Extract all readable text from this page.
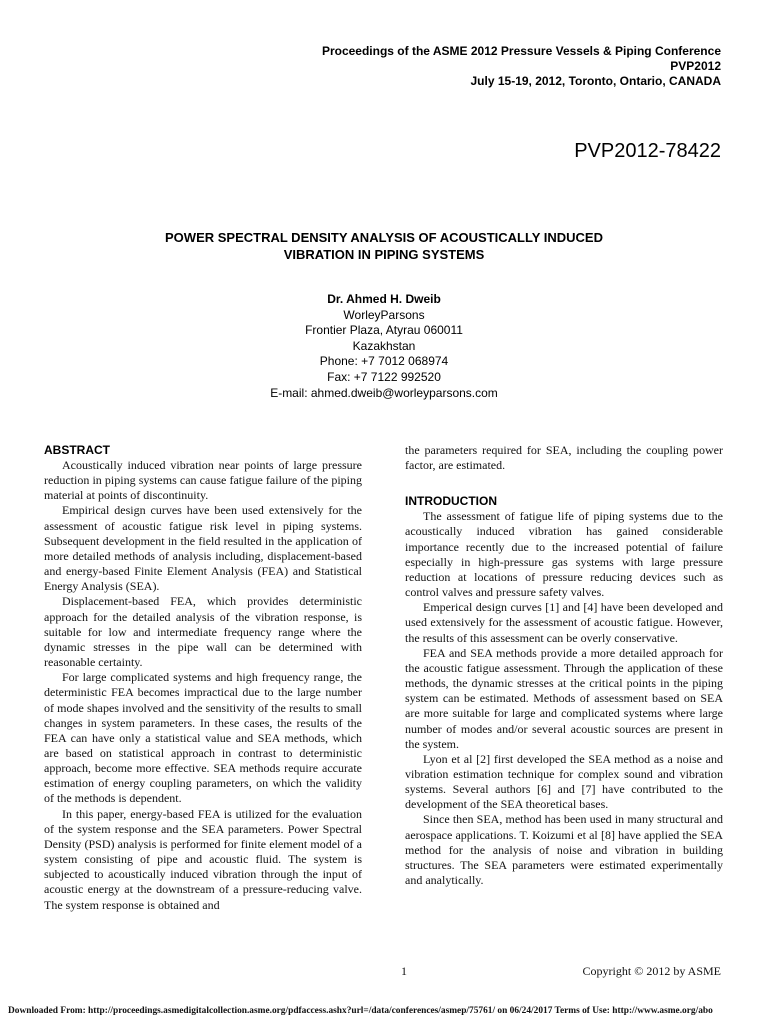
Proceedings of the ASME 2012 Pressure Vessels & Piping Conference
PVP2012
July 15-19, 2012, Toronto, Ontario, CANADA
PVP2012-78422
POWER SPECTRAL DENSITY ANALYSIS OF ACOUSTICALLY INDUCED
VIBRATION IN PIPING SYSTEMS
Dr. Ahmed H. Dweib
WorleyParsons
Frontier Plaza, Atyrau 060011
Kazakhstan
Phone: +7 7012 068974
Fax: +7 7122 992520
E-mail: ahmed.dweib@worleyparsons.com
ABSTRACT

Acoustically induced vibration near points of large pressure reduction in piping systems can cause fatigue failure of the piping material at points of discontinuity.

Empirical design curves have been used extensively for the assessment of acoustic fatigue risk level in piping systems. Subsequent development in the field resulted in the application of more detailed methods of analysis including, displacement-based and energy-based Finite Element Analysis (FEA) and Statistical Energy Analysis (SEA).

Displacement-based FEA, which provides deterministic approach for the detailed analysis of the vibration response, is suitable for low and intermediate frequency range where the dynamic stresses in the pipe wall can be determined with reasonable certainty.

For large complicated systems and high frequency range, the deterministic FEA becomes impractical due to the large number of mode shapes involved and the sensitivity of the results to small changes in system parameters. In these cases, the results of the FEA can have only a statistical value and SEA methods, which are based on statistical approach in contrast to deterministic approach, become more effective. SEA methods require accurate estimation of energy coupling parameters, on which the validity of the methods is dependent.

In this paper, energy-based FEA is utilized for the evaluation of the system response and the SEA parameters. Power Spectral Density (PSD) analysis is performed for finite element model of a system consisting of pipe and acoustic fluid. The system is subjected to acoustically induced vibration through the input of acoustic energy at the downstream of a pressure-reducing valve. The system response is obtained and

the parameters required for SEA, including the coupling power factor, are estimated.

INTRODUCTION

The assessment of fatigue life of piping systems due to the acoustically induced vibration has gained considerable importance recently due to the increased potential of failure especially in high-pressure gas systems with large pressure reduction at locations of pressure reducing devices such as control valves and pressure safety valves.

Emperical design curves [1] and [4] have been developed and used extensively for the assessment of acoustic fatigue. However, the results of this assessment can be overly conservative.

FEA and SEA methods provide a more detailed approach for the acoustic fatigue assessment. Through the application of these methods, the dynamic stresses at the critical points in the piping system can be estimated. Methods of assessment based on SEA are more suitable for large and complicated systems where large number of modes and/or several acoustic sources are present in the system.

Lyon et al [2] first developed the SEA method as a noise and vibration estimation technique for complex sound and vibration systems. Several authors [6] and [7] have contributed to the development of the SEA theoretical bases.

Since then SEA, method has been used in many structural and aerospace applications. T. Koizumi et al [8] have applied the SEA method for the analysis of noise and vibration in building structures. The SEA parameters were estimated experimentally and analytically.

1	Copyright © 2012 by ASME
Downloaded From: http://proceedings.asmedigitalcollection.asme.org/pdfaccess.ashx?url=/data/conferences/asmep/75761/ on 06/24/2017 Terms of Use: http://www.asme.org/abo
